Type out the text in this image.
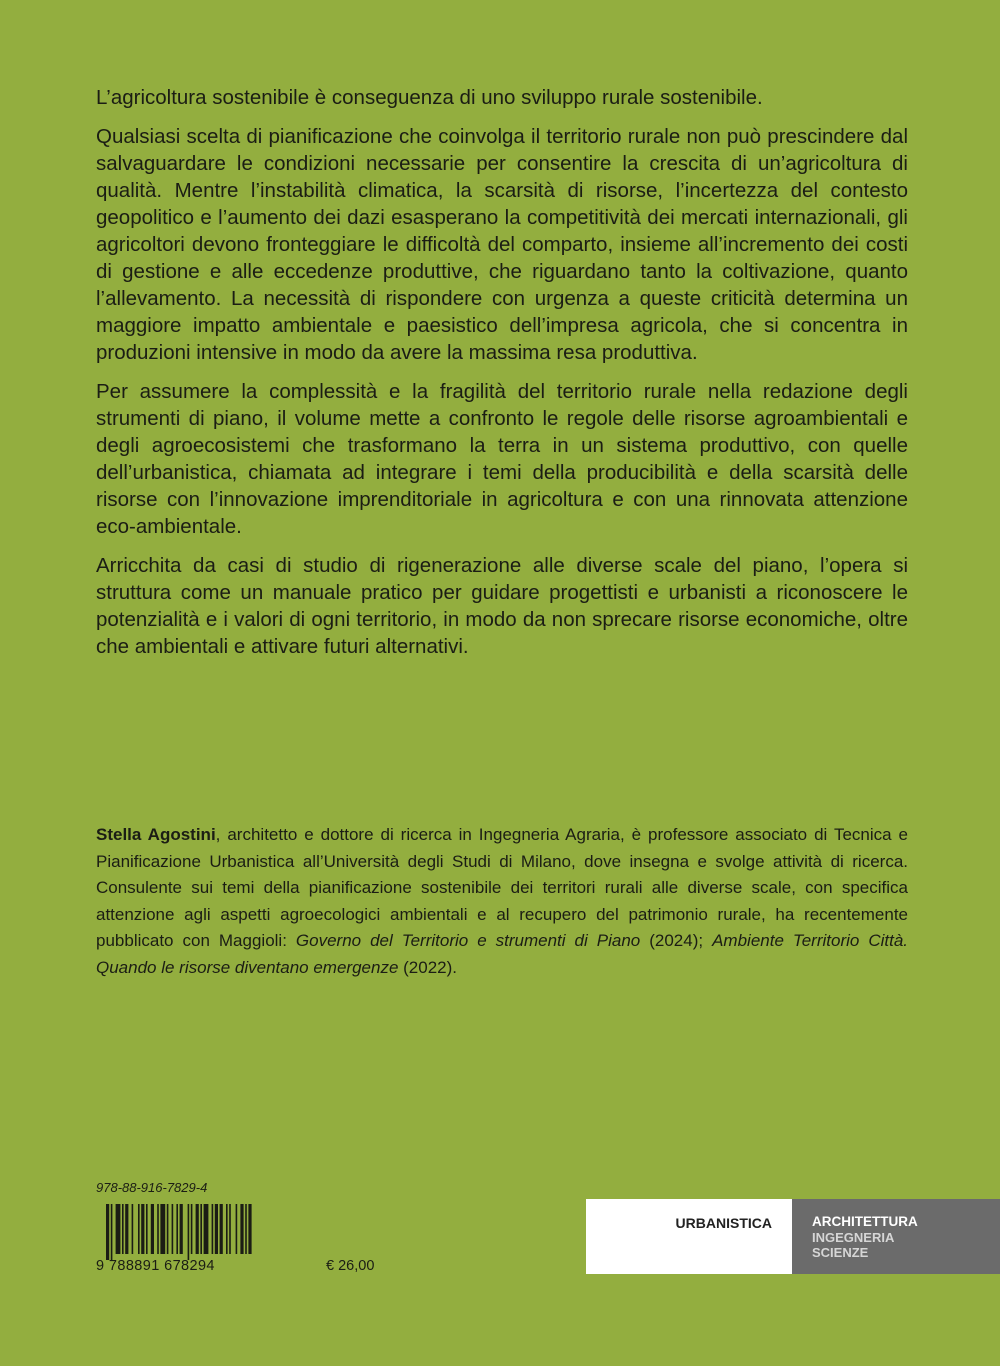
L’agricoltura sostenibile è conseguenza di uno sviluppo rurale sostenibile.

Qualsiasi scelta di pianificazione che coinvolga il territorio rurale non può prescindere dal salvaguardare le condizioni necessarie per consentire la crescita di un’agricoltura di qualità. Mentre l’instabilità climatica, la scarsità di risorse, l’incertezza del contesto geopolitico e l’aumento dei dazi esasperano la competitività dei mercati internazionali, gli agricoltori devono fronteggiare le difficoltà del comparto, insieme all’incremento dei costi di gestione e alle eccedenze produttive, che riguardano tanto la coltivazione, quanto l’allevamento. La necessità di rispondere con urgenza a queste criticità determina un maggiore impatto ambientale e paesistico dell’impresa agricola, che si concentra in produzioni intensive in modo da avere la massima resa produttiva.

Per assumere la complessità e la fragilità del territorio rurale nella redazione degli strumenti di piano, il volume mette a confronto le regole delle risorse agroambientali e degli agroecosistemi che trasformano la terra in un sistema produttivo, con quelle dell’urbanistica, chiamata ad integrare i temi della producibilità e della scarsità delle risorse con l’innovazione imprenditoriale in agricoltura e con una rinnovata attenzione eco-ambientale.

Arricchita da casi di studio di rigenerazione alle diverse scale del piano, l’opera si struttura come un manuale pratico per guidare progettisti e urbanisti a riconoscere le potenzialità e i valori di ogni territorio, in modo da non sprecare risorse economiche, oltre che ambientali e attivare futuri alternativi.

Stella Agostini, architetto e dottore di ricerca in Ingegneria Agraria, è professore associato di Tecnica e Pianificazione Urbanistica all’Università degli Studi di Milano, dove insegna e svolge attività di ricerca. Consulente sui temi della pianificazione sostenibile dei territori rurali alle diverse scale, con specifica attenzione agli aspetti agroecologici ambientali e al recupero del patrimonio rurale, ha recentemente pubblicato con Maggioli: Governo del Territorio e strumenti di Piano (2024); Ambiente Territorio Città. Quando le risorse diventano emergenze (2022).

978-88-916-7829-4
9 788891 678294	€ 26,00
URBANISTICA	ARCHITETTURA
INGEGNERIA
SCIENZE
